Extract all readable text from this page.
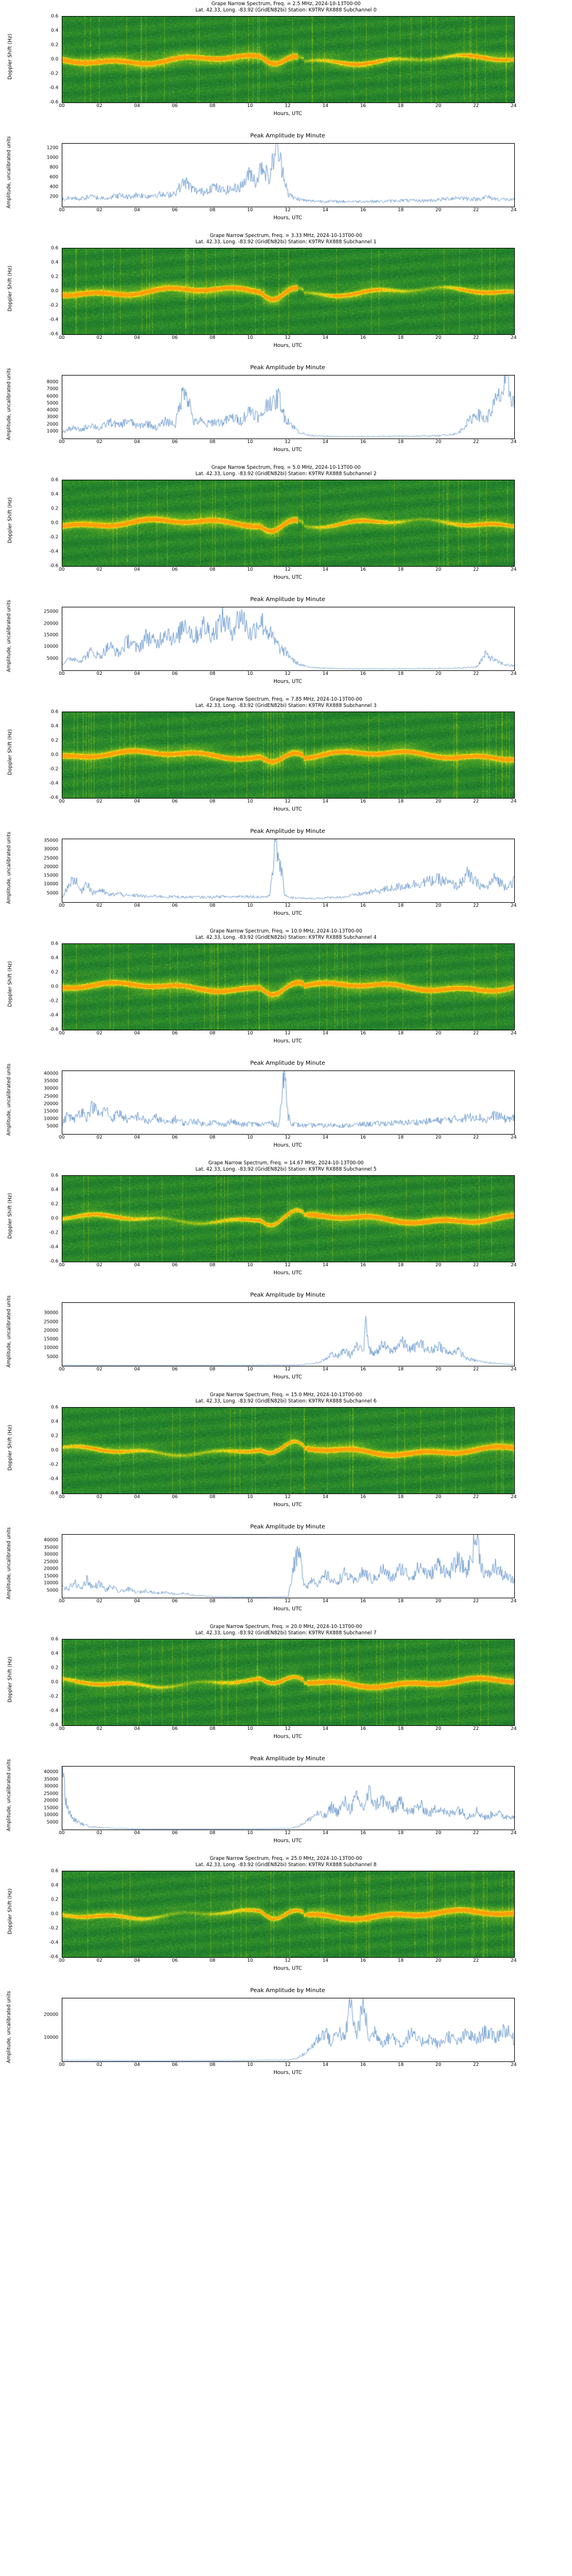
Grape Narrow Spectrum, Freq. = 2.5 MHz, 2024-10-13T00-00
Lat. 42.33, Long. -83.92 (GridEN82bi) Station: K9TRV RX888 Subchannel 0
Doppler Shift (Hz)
0.6
0.4
0.2
0.0
-0.2
-0.4
-0.6
00	02	04	06	08	10	12	14	16	18	20	22	24
Hours, UTC
Peak Amplitude by Minute
Amplitude, uncalibrated units	200
400
600
800
1000
1200
00	02	04	06	08	10	12	14	16	18	20	22	24
Hours, UTC
Grape Narrow Spectrum, Freq. = 3.33 MHz, 2024-10-13T00-00
Lat. 42.33, Long. -83.92 (GridEN82bi) Station: K9TRV RX888 Subchannel 1
Doppler Shift (Hz)
0.6
0.4
0.2
0.0
-0.2
-0.4
-0.6
00	02	04	06	08	10	12	14	16	18	20	22	24
Hours, UTC
Peak Amplitude by Minute
Amplitude, uncalibrated units	1000
2000
3000
4000
5000
6000
7000
8000
00	02	04	06	08	10	12	14	16	18	20	22	24
Hours, UTC
Grape Narrow Spectrum, Freq. = 5.0 MHz, 2024-10-13T00-00
Lat. 42.33, Long. -83.92 (GridEN82bi) Station: K9TRV RX888 Subchannel 2
Doppler Shift (Hz)
0.6
0.4
0.2
0.0
-0.2
-0.4
-0.6
00	02	04	06	08	10	12	14	16	18	20	22	24
Hours, UTC
Peak Amplitude by Minute
Amplitude, uncalibrated units	5000
10000
15000
20000
25000
00	02	04	06	08	10	12	14	16	18	20	22	24
Hours, UTC
Grape Narrow Spectrum, Freq. = 7.85 MHz, 2024-10-13T00-00
Lat. 42.33, Long. -83.92 (GridEN82bi) Station: K9TRV RX888 Subchannel 3
Doppler Shift (Hz)
0.6
0.4
0.2
0.0
-0.2
-0.4
-0.6
00	02	04	06	08	10	12	14	16	18	20	22	24
Hours, UTC
Peak Amplitude by Minute
Amplitude, uncalibrated units	5000
10000
15000
20000
25000
30000
35000
00	02	04	06	08	10	12	14	16	18	20	22	24
Hours, UTC
Grape Narrow Spectrum, Freq. = 10.0 MHz, 2024-10-13T00-00
Lat. 42.33, Long. -83.92 (GridEN82bi) Station: K9TRV RX888 Subchannel 4
Doppler Shift (Hz)
0.6
0.4
0.2
0.0
-0.2
-0.4
-0.6
00	02	04	06	08	10	12	14	16	18	20	22	24
Hours, UTC
Peak Amplitude by Minute
Amplitude, uncalibrated units	5000
10000
15000
20000
25000
30000
35000
40000
00	02	04	06	08	10	12	14	16	18	20	22	24
Hours, UTC
Grape Narrow Spectrum, Freq. = 14.67 MHz, 2024-10-13T00-00
Lat. 42.33, Long. -83.92 (GridEN82bi) Station: K9TRV RX888 Subchannel 5
Doppler Shift (Hz)
0.6
0.4
0.2
0.0
-0.2
-0.4
-0.6
00	02	04	06	08	10	12	14	16	18	20	22	24
Hours, UTC
Peak Amplitude by Minute
Amplitude, uncalibrated units	5000
10000
15000
20000
25000
30000
00	02	04	06	08	10	12	14	16	18	20	22	24
Hours, UTC
Grape Narrow Spectrum, Freq. = 15.0 MHz, 2024-10-13T00-00
Lat. 42.33, Long. -83.92 (GridEN82bi) Station: K9TRV RX888 Subchannel 6
Doppler Shift (Hz)
0.6
0.4
0.2
0.0
-0.2
-0.4
-0.6
00	02	04	06	08	10	12	14	16	18	20	22	24
Hours, UTC
Peak Amplitude by Minute
Amplitude, uncalibrated units	5000
10000
15000
20000
25000
30000
35000
40000
00	02	04	06	08	10	12	14	16	18	20	22	24
Hours, UTC
Grape Narrow Spectrum, Freq. = 20.0 MHz, 2024-10-13T00-00
Lat. 42.33, Long. -83.92 (GridEN82bi) Station: K9TRV RX888 Subchannel 7
Doppler Shift (Hz)
0.6
0.4
0.2
0.0
-0.2
-0.4
-0.6
00	02	04	06	08	10	12	14	16	18	20	22	24
Hours, UTC
Peak Amplitude by Minute
Amplitude, uncalibrated units	5000
10000
15000
20000
25000
30000
35000
40000
00	02	04	06	08	10	12	14	16	18	20	22	24
Hours, UTC
Grape Narrow Spectrum, Freq. = 25.0 MHz, 2024-10-13T00-00
Lat. 42.33, Long. -83.92 (GridEN82bi) Station: K9TRV RX888 Subchannel 8
Doppler Shift (Hz)
0.6
0.4
0.2
0.0
-0.2
-0.4
-0.6
00	02	04	06	08	10	12	14	16	18	20	22	24
Hours, UTC
Peak Amplitude by Minute
Amplitude, uncalibrated units	10000
20000
00	02	04	06	08	10	12	14	16	18	20	22	24
Hours, UTC
